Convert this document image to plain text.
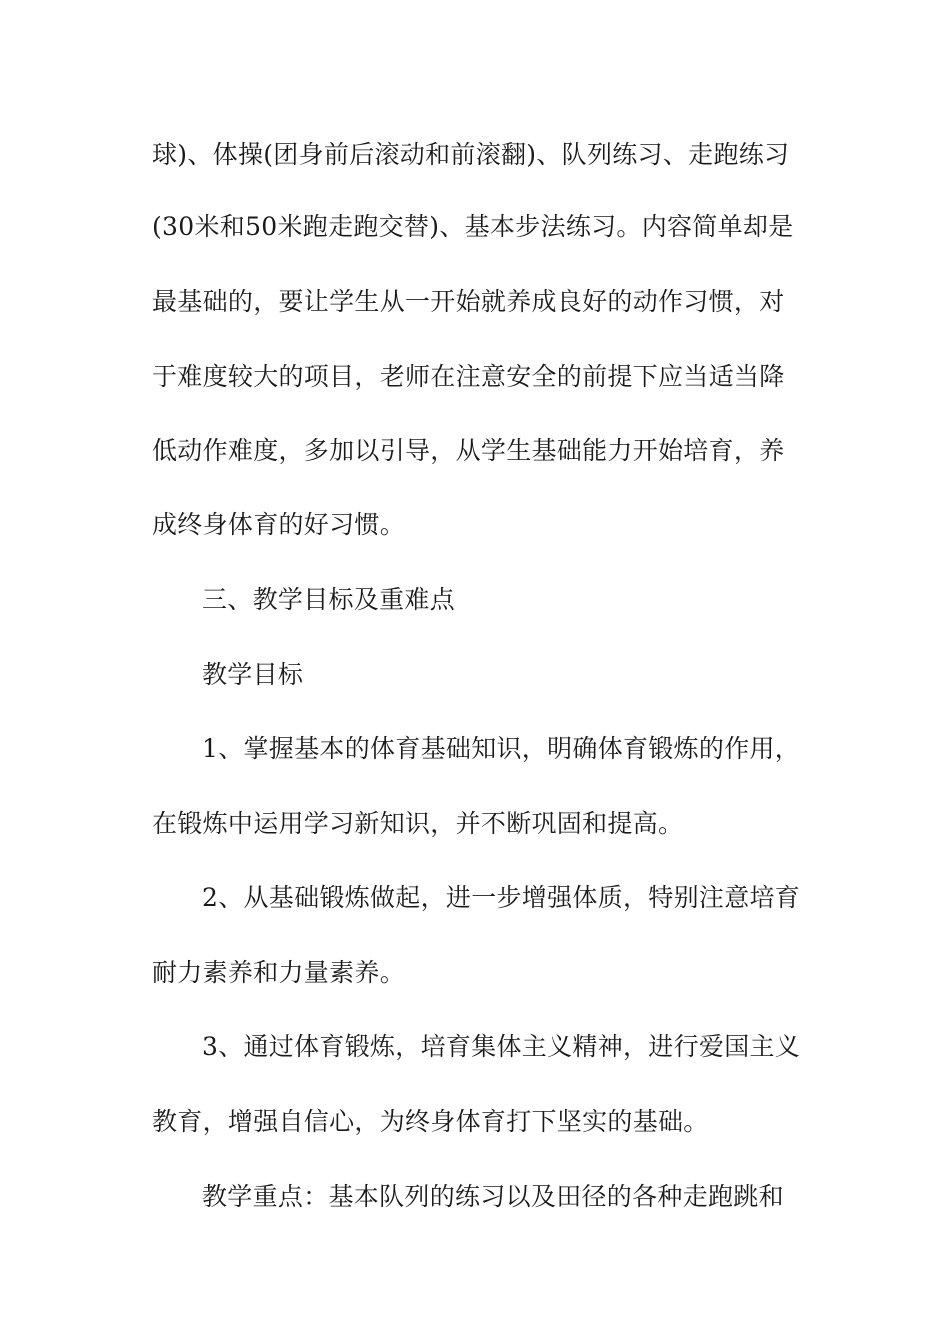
球)、体操(团身前后滚动和前滚翻)、队列练习、走跑练习
(30米和50米跑走跑交替)、基本步法练习。内容简单却是
最基础的，要让学生从一开始就养成良好的动作习惯，对
于难度较大的项目，老师在注意安全的前提下应当适当降
低动作难度，多加以引导，从学生基础能力开始培育，养
成终身体育的好习惯。
三、教学目标及重难点
教学目标
1、掌握基本的体育基础知识，明确体育锻炼的作用，
在锻炼中运用学习新知识，并不断巩固和提高。
2、从基础锻炼做起，进一步增强体质，特别注意培育
耐力素养和力量素养。
3、通过体育锻炼，培育集体主义精神，进行爱国主义
教育，增强自信心，为终身体育打下坚实的基础。
教学重点：基本队列的练习以及田径的各种走跑跳和
